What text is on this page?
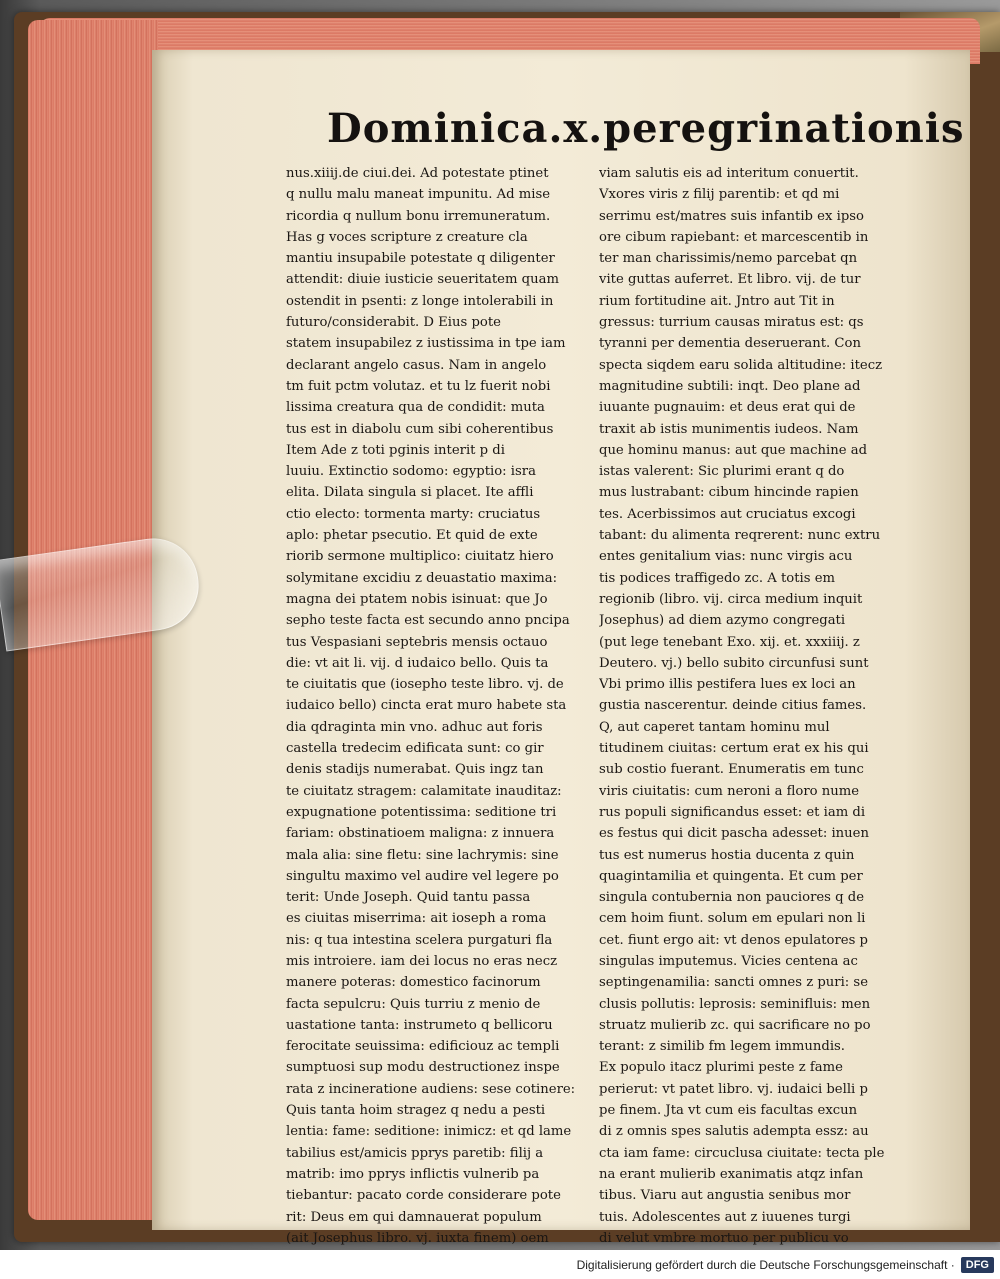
Dominica.x.peregrinationis
nus.xiiij.de ciui.dei. Ad potestate ptinet
q nullu malu maneat impunitu. Ad mise
ricordia q nullum bonu irremuneratum.
Has g voces scripture z creature cla
mantiu insupabile potestate q diligenter
attendit: diuie iusticie seueritatem quam
ostendit in psenti: z longe intolerabili in
futuro/considerabit. D Eius pote
statem insupabilez z iustissima in tpe iam
declarant angelo casus. Nam in angelo
tm fuit pctm volutaz. et tu lz fuerit nobi
lissima creatura qua de condidit: muta
tus est in diabolu cum sibi coherentibus
Item Ade z toti pginis interit p di
luuiu. Extinctio sodomo: egyptio: isra
elita. Dilata singula si placet. Ite affli
ctio electo: tormenta marty: cruciatus
aplo: phetar psecutio. Et quid de exte
riorib sermone multiplico: ciuitatz hiero
solymitane excidiu z deuastatio maxima:
magna dei ptatem nobis isinuat: que Jo
sepho teste facta est secundo anno pncipa
tus Vespasiani septebris mensis octauo
die: vt ait li. vij. d iudaico bello. Quis ta
te ciuitatis que (iosepho teste libro. vj. de
iudaico bello) cincta erat muro habete sta
dia qdraginta min vno. adhuc aut foris
castella tredecim edificata sunt: co gir
denis stadijs numerabat. Quis ingz tan
te ciuitatz stragem: calamitate inauditaz:
expugnatione potentissima: seditione tri
fariam: obstinatioem maligna: z innuera
mala alia: sine fletu: sine lachrymis: sine
singultu maximo vel audire vel legere po
terit: Unde Joseph. Quid tantu passa
es ciuitas miserrima: ait ioseph a roma
nis: q tua intestina scelera purgaturi fla
mis introiere. iam dei locus no eras necz
manere poteras: domestico facinorum
facta sepulcru: Quis turriu z menio de
uastatione tanta: instrumeto q bellicoru
ferocitate seuissima: edificiouz ac templi
sumptuosi sup modu destructionez inspe
rata z incineratione audiens: sese cotinere:
Quis tanta hoim stragez q nedu a pesti
lentia: fame: seditione: inimicz: et qd lame
tabilius est/amicis pprys paretib: filij a
matrib: imo pprys inflictis vulnerib pa
tiebantur: pacato corde considerare pote
rit: Deus em qui damnauerat populum
(ait Josephus libro. vj. iuxta finem) oem
viam salutis eis ad interitum conuertit.
Vxores viris z filij parentib: et qd mi
serrimu est/matres suis infantib ex ipso
ore cibum rapiebant: et marcescentib in
ter man charissimis/nemo parcebat qn
vite guttas auferret. Et libro. vij. de tur
rium fortitudine ait. Jntro aut Tit in
gressus: turrium causas miratus est: qs
tyranni per dementia deseruerant. Con
specta siqdem earu solida altitudine: itecz
magnitudine subtili: inqt. Deo plane ad
iuuante pugnauim: et deus erat qui de
traxit ab istis munimentis iudeos. Nam
que hominu manus: aut que machine ad
istas valerent: Sic plurimi erant q do
mus lustrabant: cibum hincinde rapien
tes. Acerbissimos aut cruciatus excogi
tabant: du alimenta reqrerent: nunc extru
entes genitalium vias: nunc virgis acu
tis podices traffigedo zc. A totis em
regionib (libro. vij. circa medium inquit
Josephus) ad diem azymo congregati
(put lege tenebant Exo. xij. et. xxxiiij. z
Deutero. vj.) bello subito circunfusi sunt
Vbi primo illis pestifera lues ex loci an
gustia nascerentur. deinde citius fames.
Q, aut caperet tantam hominu mul
titudinem ciuitas: certum erat ex his qui
sub costio fuerant. Enumeratis em tunc
viris ciuitatis: cum neroni a floro nume
rus populi significandus esset: et iam di
es festus qui dicit pascha adesset: inuen
tus est numerus hostia ducenta z quin
quagintamilia et quingenta. Et cum per
singula contubernia non pauciores q de
cem hoim fiunt. solum em epulari non li
cet. fiunt ergo ait: vt denos epulatores p
singulas imputemus. Vicies centena ac
septingenamilia: sancti omnes z puri: se
clusis pollutis: leprosis: seminifluis: men
struatz mulierib zc. qui sacrificare no po
terant: z similib fm legem immundis.
Ex populo itacz plurimi peste z fame
perierut: vt patet libro. vj. iudaici belli p
pe finem. Jta vt cum eis facultas excun
di z omnis spes salutis adempta essz: au
cta iam fame: circuclusa ciuitate: tecta ple
na erant mulierib exanimatis atqz infan
tibus. Viaru aut angustia senibus mor
tuis. Adolescentes aut z iuuenes turgi
di velut vmbre mortuo per publicu vo
Digitalisierung gefördert durch die Deutsche Forschungsgemeinschaft ·	DFG
